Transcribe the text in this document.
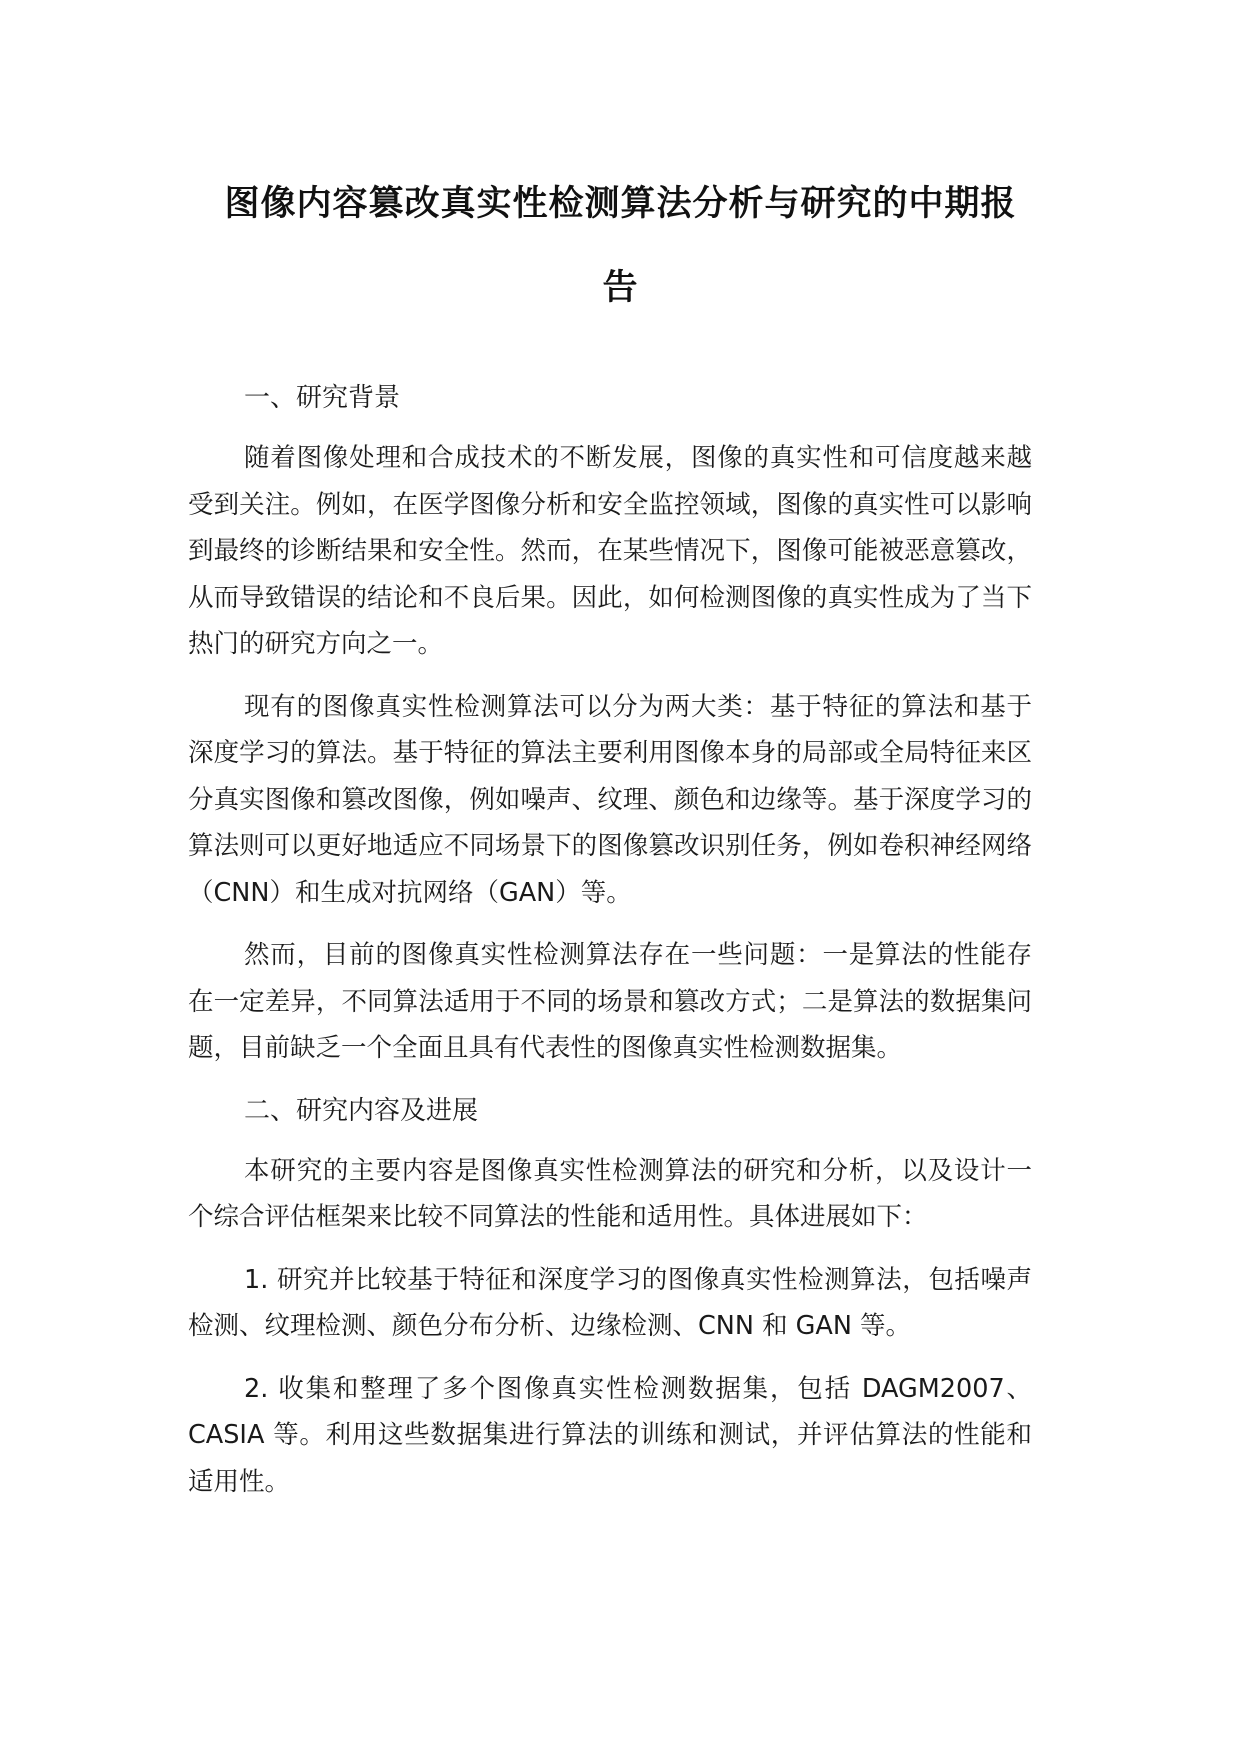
图像内容篡改真实性检测算法分析与研究的中期报
告
一、研究背景

随着图像处理和合成技术的不断发展，图像的真实性和可信度越来越受到关注。例如，在医学图像分析和安全监控领域，图像的真实性可以影响到最终的诊断结果和安全性。然而，在某些情况下，图像可能被恶意篡改，从而导致错误的结论和不良后果。因此，如何检测图像的真实性成为了当下热门的研究方向之一。

现有的图像真实性检测算法可以分为两大类：基于特征的算法和基于深度学习的算法。基于特征的算法主要利用图像本身的局部或全局特征来区分真实图像和篡改图像，例如噪声、纹理、颜色和边缘等。基于深度学习的算法则可以更好地适应不同场景下的图像篡改识别任务，例如卷积神经网络（CNN）和生成对抗网络（GAN）等。

然而，目前的图像真实性检测算法存在一些问题：一是算法的性能存在一定差异，不同算法适用于不同的场景和篡改方式；二是算法的数据集问题，目前缺乏一个全面且具有代表性的图像真实性检测数据集。

二、研究内容及进展

本研究的主要内容是图像真实性检测算法的研究和分析，以及设计一个综合评估框架来比较不同算法的性能和适用性。具体进展如下：

1. 研究并比较基于特征和深度学习的图像真实性检测算法，包括噪声检测、纹理检测、颜色分布分析、边缘检测、CNN 和 GAN 等。

2. 收集和整理了多个图像真实性检测数据集，包括 DAGM2007、CASIA 等。利用这些数据集进行算法的训练和测试，并评估算法的性能和适用性。
